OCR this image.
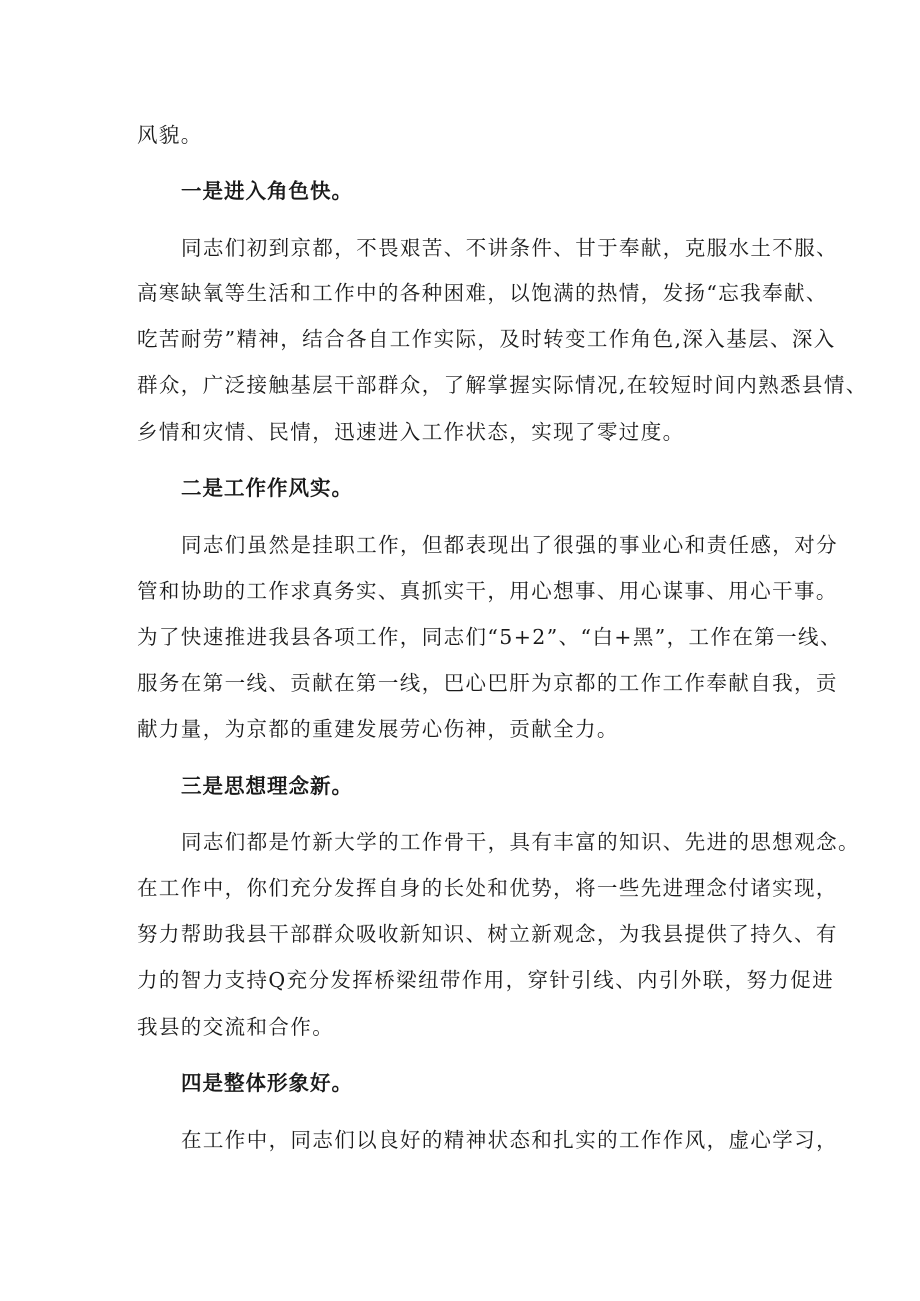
风貌。
一是进入角色快。
同志们初到京都，不畏艰苦、不讲条件、甘于奉献，克服水土不服、
高寒缺氧等生活和工作中的各种困难，以饱满的热情，发扬“忘我奉献、
吃苦耐劳”精神，结合各自工作实际，及时转变工作角色,深入基层、深入
群众，广泛接触基层干部群众，了解掌握实际情况,在较短时间内熟悉县情、
乡情和灾情、民情，迅速进入工作状态，实现了零过度。
二是工作作风实。
同志们虽然是挂职工作，但都表现出了很强的事业心和责任感，对分
管和协助的工作求真务实、真抓实干，用心想事、用心谋事、用心干事。
为了快速推进我县各项工作，同志们“5+2”、“白+黑”，工作在第一线、
服务在第一线、贡献在第一线，巴心巴肝为京都的工作工作奉献自我，贡
献力量，为京都的重建发展劳心伤神，贡献全力。
三是思想理念新。
同志们都是竹新大学的工作骨干，具有丰富的知识、先进的思想观念。
在工作中，你们充分发挥自身的长处和优势，将一些先进理念付诸实现，
努力帮助我县干部群众吸收新知识、树立新观念，为我县提供了持久、有
力的智力支持Q充分发挥桥梁纽带作用，穿针引线、内引外联，努力促进
我县的交流和合作。
四是整体形象好。
在工作中，同志们以良好的精神状态和扎实的工作作风，虚心学习，
